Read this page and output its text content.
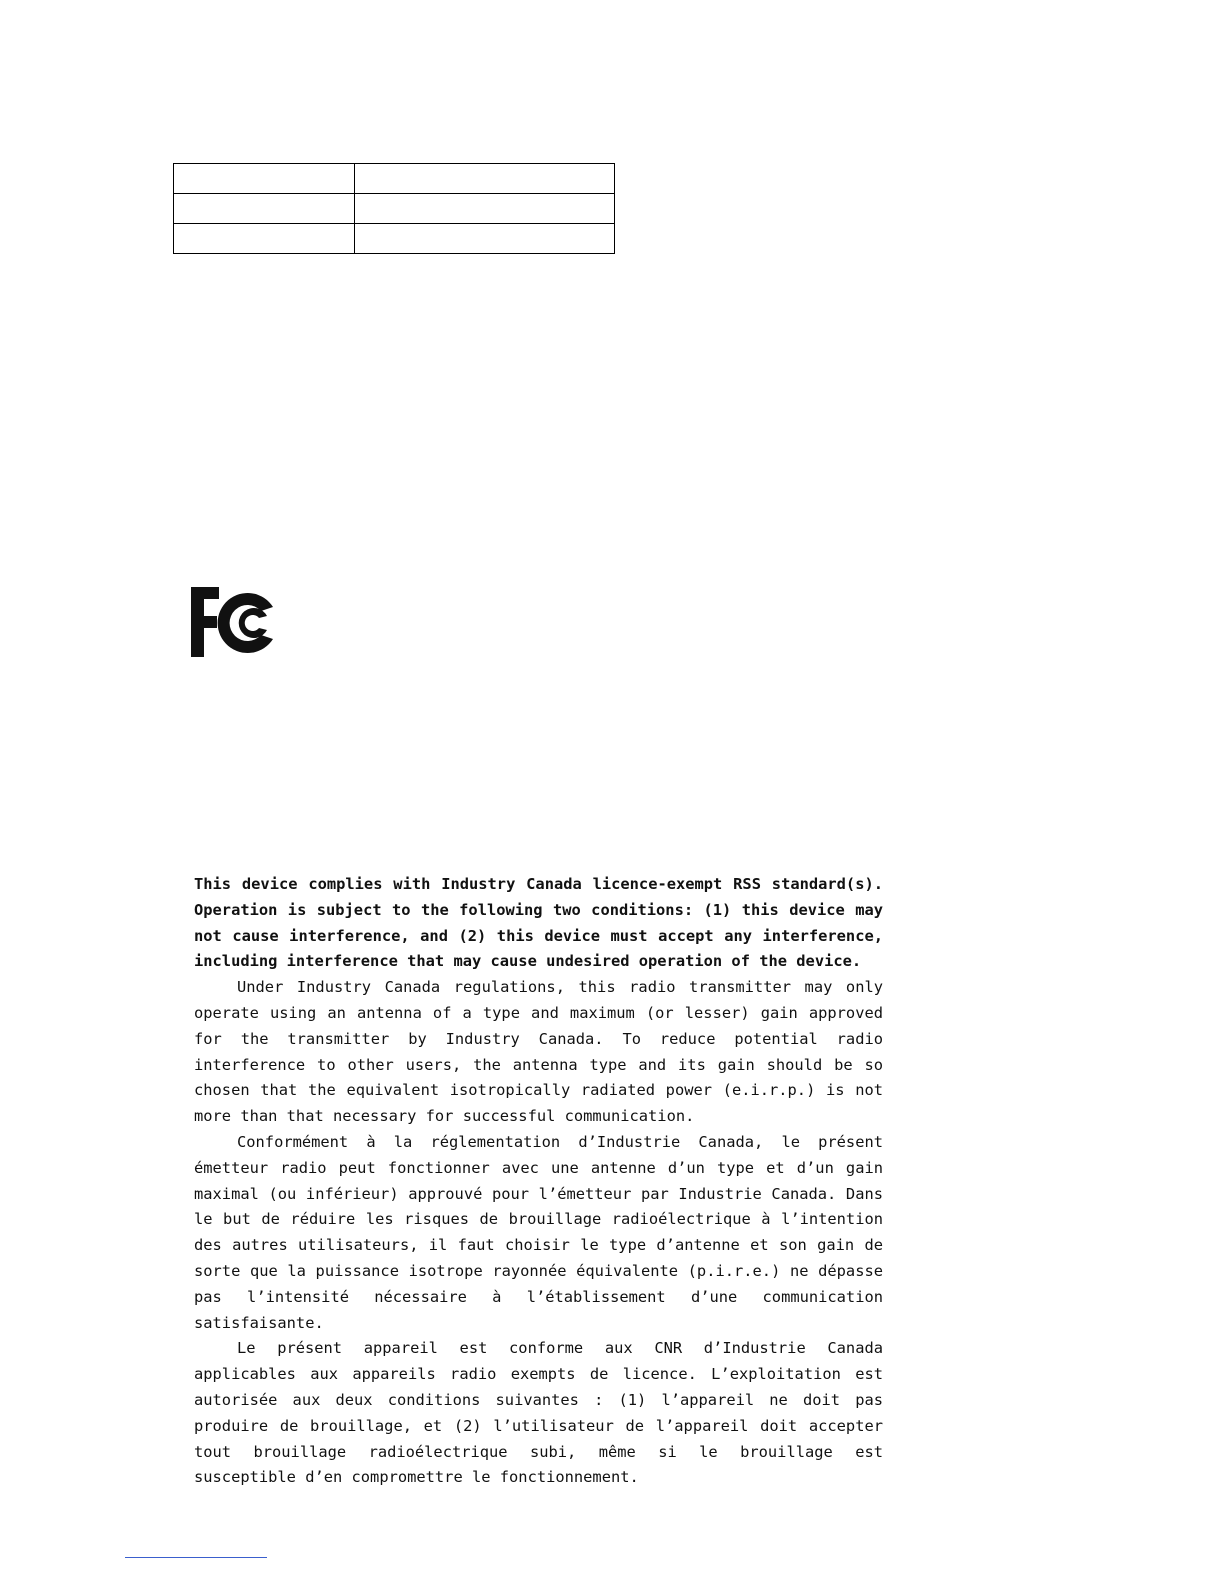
This device complies with Industry Canada licence-exempt RSS standard(s). Operation is subject to the following two conditions: (1) this device may not cause interference, and (2) this device must accept any interference, including interference that may cause undesired operation of the device.

Under Industry Canada regulations, this radio transmitter may only operate using an antenna of a type and maximum (or lesser) gain approved for the transmitter by Industry Canada. To reduce potential radio interference to other users, the antenna type and its gain should be so chosen that the equivalent isotropically radiated power (e.i.r.p.) is not more than that necessary for successful communication.

Conformément à la réglementation d’Industrie Canada, le présent émetteur radio peut fonctionner avec une antenne d’un type et d’un gain maximal (ou inférieur) approuvé pour l’émetteur par Industrie Canada. Dans le but de réduire les risques de brouillage radioélectrique à l’intention des autres utilisateurs, il faut choisir le type d’antenne et son gain de sorte que la puissance isotrope rayonnée équivalente (p.i.r.e.) ne dépasse pas l’intensité nécessaire à l’établissement d’une communication satisfaisante.

Le présent appareil est conforme aux CNR d’Industrie Canada applicables aux appareils radio exempts de licence. L’exploitation est autorisée aux deux conditions suivantes : (1) l’appareil ne doit pas produire de brouillage, et (2) l’utilisateur de l’appareil doit accepter tout brouillage radioélectrique subi, même si le brouillage est susceptible d’en compromettre le fonctionnement.
